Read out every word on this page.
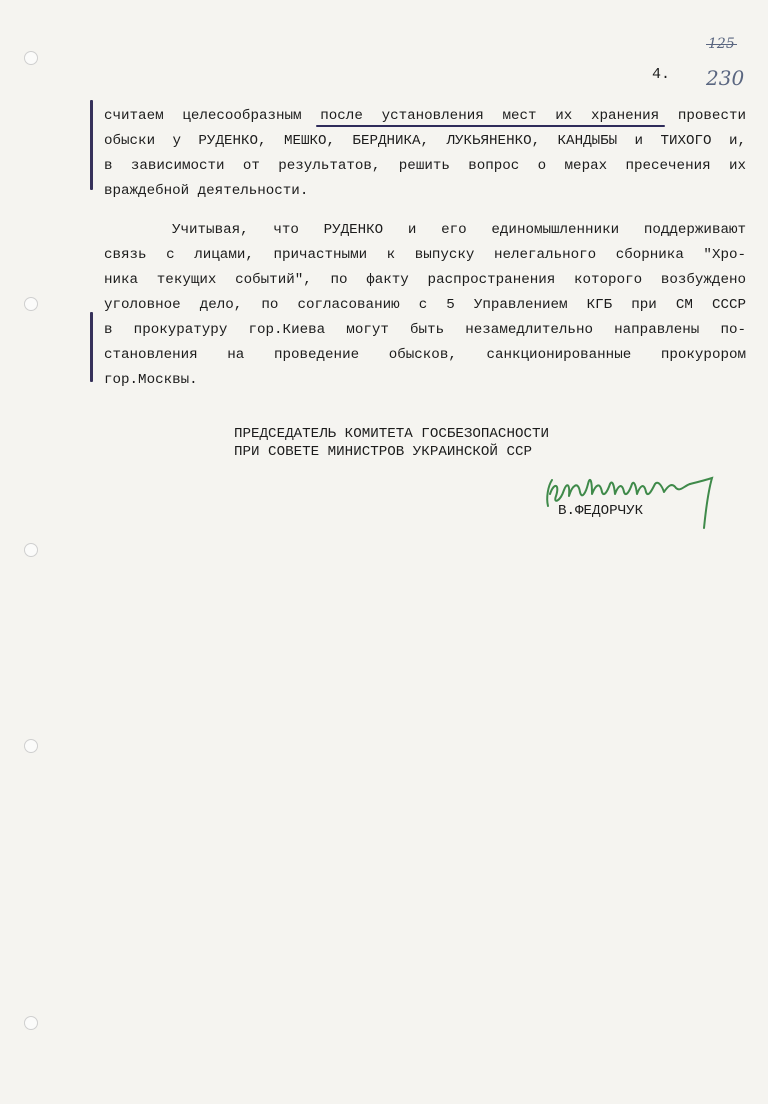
4.
125
230
считаем целесообразным после установления мест их хранения провести
обыски у РУДЕНКО, МЕШКО, БЕРДНИКА, ЛУКЬЯНЕНКО, КАНДЫБЫ и ТИХОГО и,
в зависимости от результатов, решить вопрос о мерах пресечения их
враждебной деятельности.
Учитывая, что РУДЕНКО и его единомышленники поддерживают
связь с лицами, причастными к выпуску нелегального сборника "Хро-
ника текущих событий", по факту распространения которого возбуждено
уголовное дело, по согласованию с 5 Управлением КГБ при СМ СССР
в прокуратуру гор.Киева могут быть незамедлительно направлены по-
становления на проведение обысков, санкционированные прокурором
гор.Москвы.
ПРЕДСЕДАТЕЛЬ КОМИТЕТА ГОСБЕЗОПАСНОСТИ
ПРИ СОВЕТЕ МИНИСТРОВ УКРАИНСКОЙ ССР
В.ФЕДОРЧУК
